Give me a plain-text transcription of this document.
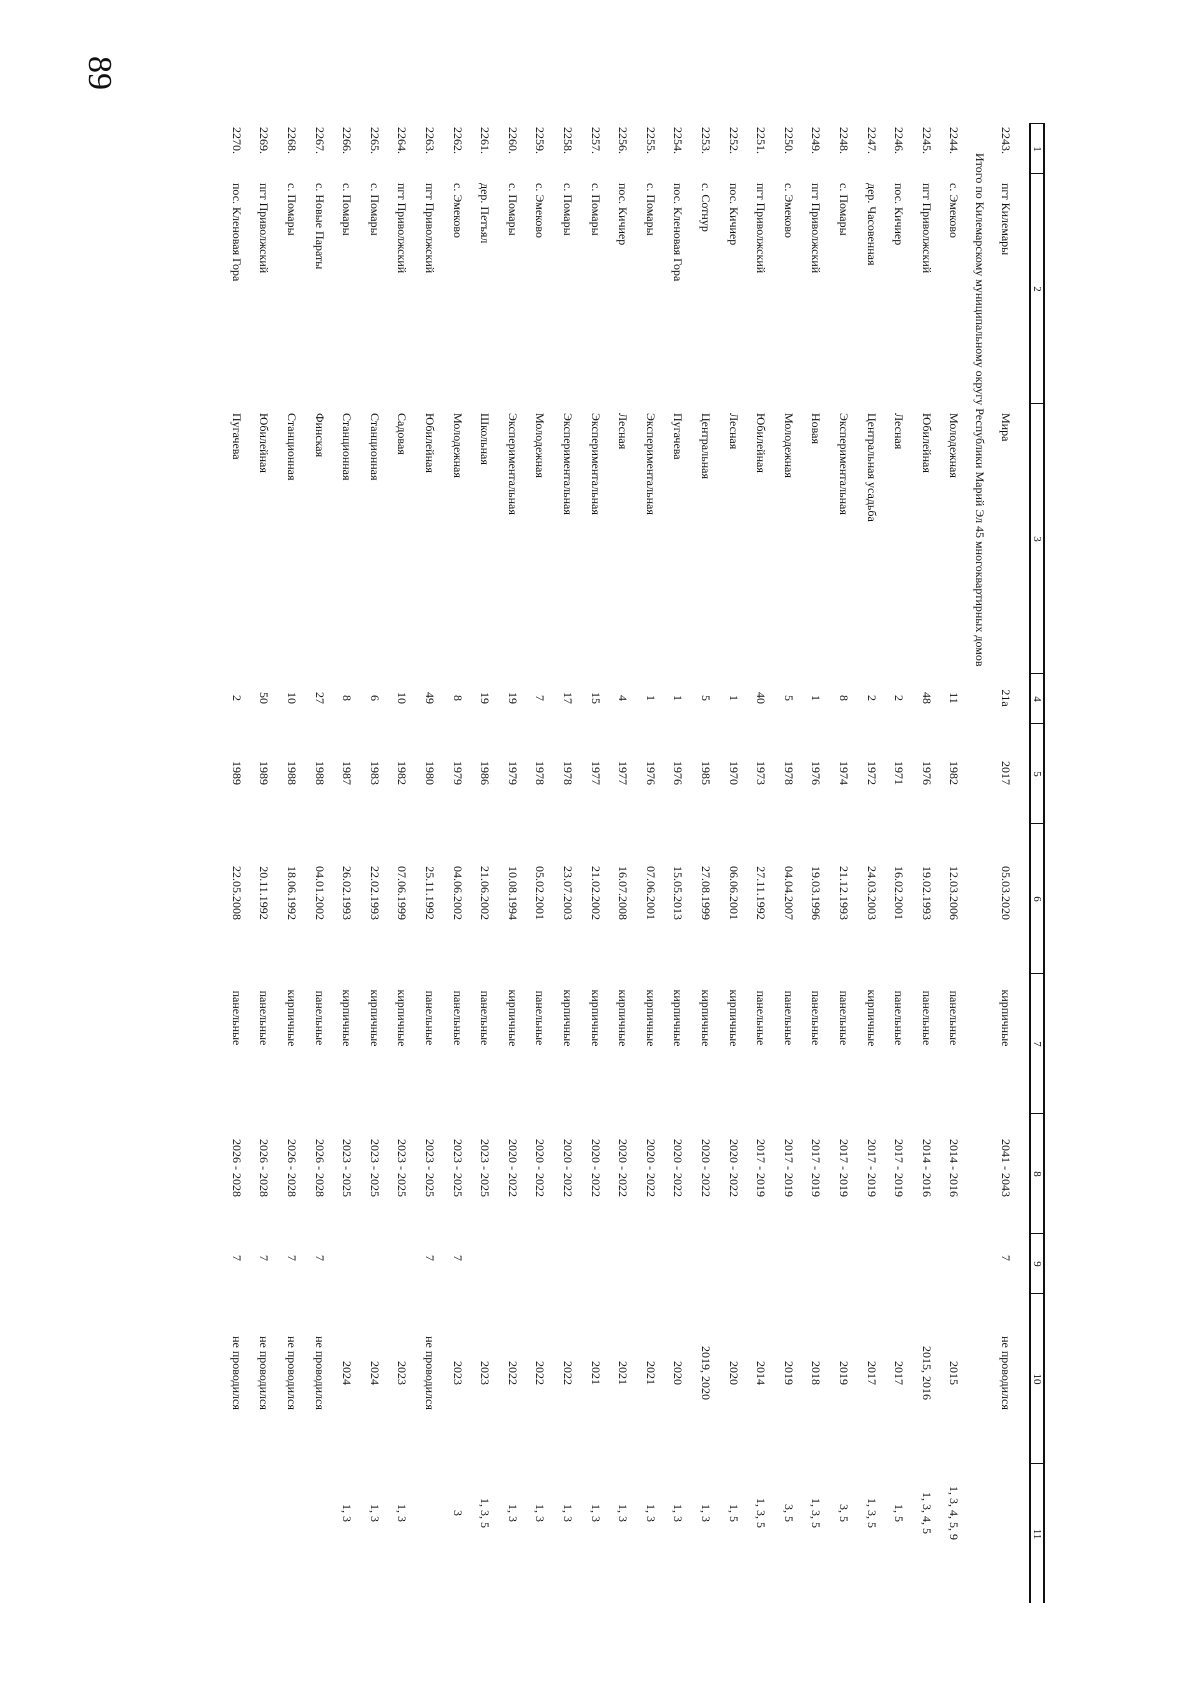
89
1
2
3
4
5
6
7
8
9
10
11
2243.
пгт Килемары
Мира
21а
2017
05.03.2020
кирпичные
2041 - 2043
7
не проводился
Итого по Килемарскому муниципальному округу Республики Марий Эл 45 многоквартирных домов
2244.
с. Эмеково
Молодежная
11
1982
12.03.2006
панельные
2014 - 2016
2015
1, 3, 4, 5, 9
2245.
пгт Приволжский
Юбилейная
48
1976
19.02.1993
панельные
2014 - 2016
2015, 2016
1, 3, 4, 5
2246.
пос. Кичиер
Лесная
2
1971
16.02.2001
панельные
2017 - 2019
2017
1, 5
2247.
дер. Часовенная
Центральная усадьба
2
1972
24.03.2003
кирпичные
2017 - 2019
2017
1, 3, 5
2248.
с. Помары
Экспериментальная
8
1974
21.12.1993
панельные
2017 - 2019
2019
3, 5
2249.
пгт Приволжский
Новая
1
1976
19.03.1996
панельные
2017 - 2019
2018
1, 3, 5
2250.
с. Эмеково
Молодежная
5
1978
04.04.2007
панельные
2017 - 2019
2019
3, 5
2251.
пгт Приволжский
Юбилейная
40
1973
27.11.1992
панельные
2017 - 2019
2014
1, 3, 5
2252.
пос. Кичиер
Лесная
1
1970
06.06.2001
кирпичные
2020 - 2022
2020
1, 5
2253.
с. Сотнур
Центральная
5
1985
27.08.1999
кирпичные
2020 - 2022
2019, 2020
1, 3
2254.
пос. Кленовая Гора
Пугачева
1
1976
15.05.2013
кирпичные
2020 - 2022
2020
1, 3
2255.
с. Помары
Экспериментальная
1
1976
07.06.2001
кирпичные
2020 - 2022
2021
1, 3
2256.
пос. Кичиер
Лесная
4
1977
16.07.2008
кирпичные
2020 - 2022
2021
1, 3
2257.
с. Помары
Экспериментальная
15
1977
21.02.2002
кирпичные
2020 - 2022
2021
1, 3
2258.
с. Помары
Экспериментальная
17
1978
23.07.2003
кирпичные
2020 - 2022
2022
1, 3
2259.
с. Эмеково
Молодежная
7
1978
05.02.2001
панельные
2020 - 2022
2022
1, 3
2260.
с. Помары
Экспериментальная
19
1979
10.08.1994
кирпичные
2020 - 2022
2022
1, 3
2261.
дер. Петъял
Школьная
19
1986
21.06.2002
панельные
2023 - 2025
2023
1, 3, 5
2262.
с. Эмеково
Молодежная
8
1979
04.06.2002
панельные
2023 - 2025
7
2023
3
2263.
пгт Приволжский
Юбилейная
49
1980
25.11.1992
панельные
2023 - 2025
7
не проводился
2264.
пгт Приволжский
Садовая
10
1982
07.06.1999
кирпичные
2023 - 2025
2023
1, 3
2265.
с. Помары
Станционная
6
1983
22.02.1993
кирпичные
2023 - 2025
2024
1, 3
2266.
с. Помары
Станционная
8
1987
26.02.1993
кирпичные
2023 - 2025
2024
1, 3
2267.
с. Новые Параты
Финская
27
1988
04.01.2002
панельные
2026 - 2028
7
не проводился
2268.
с. Помары
Станционная
10
1988
18.06.1992
кирпичные
2026 - 2028
7
не проводился
2269.
пгт Приволжский
Юбилейная
50
1989
20.11.1992
панельные
2026 - 2028
7
не проводился
2270.
пос. Кленовая Гора
Пугачева
2
1989
22.05.2008
панельные
2026 - 2028
7
не проводился
